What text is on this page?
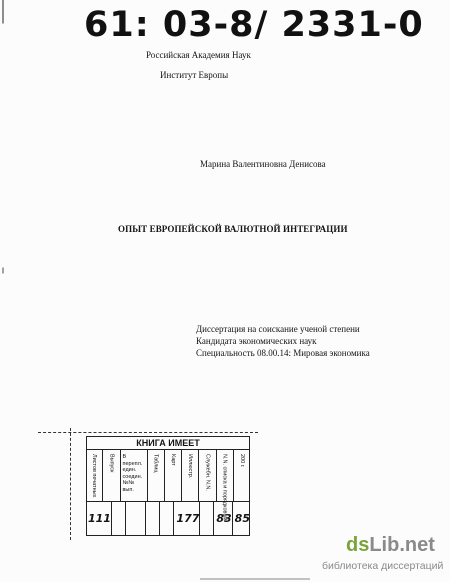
61: 03-8/ 2331-0
Российская Академия Наук
Институт Европы
Марина Валентиновна Денисова
ОПЫТ ЕВРОПЕЙСКОЙ ВАЛЮТНОЙ ИНТЕГРАЦИИ
Диссертация на соискание ученой степени
Кандидата экономических наук
Специальность 08.00.14: Мировая экономика
КНИГА ИМЕЕТ
Листов печатных Выпуск В перепл. един. соедин. №№ вып.
Таблиц Карт Иллюстр. Служебн. N.N. N.N. списка и порядковый 200 г.
111	177 83 85
dsLib.net
библиотека диссертаций
